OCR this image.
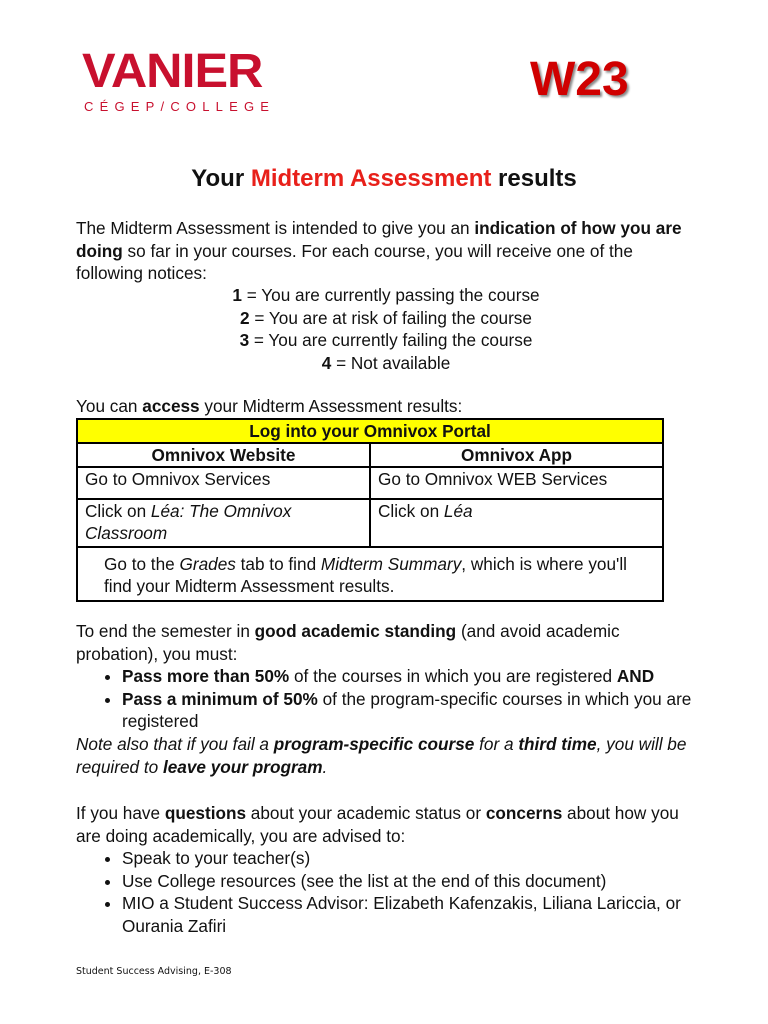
VANIER
CÉGEP/COLLEGE
W23
Your Midterm Assessment results
The Midterm Assessment is intended to give you an indication of how you are doing so far in your courses. For each course, you will receive one of the following notices:
1 = You are currently passing the course
2 = You are at risk of failing the course
3 = You are currently failing the course
4 = Not available
You can access your Midterm Assessment results:
Log into your Omnivox Portal	
Omnivox Website	Omnivox App
Go to Omnivox Services	Go to Omnivox WEB Services
Click on Léa: The Omnivox Classroom	Click on Léa
Go to the Grades tab to find Midterm Summary, which is where you'll find your Midterm Assessment results.	
To end the semester in good academic standing (and avoid academic probation), you must:
• Pass more than 50% of the courses in which you are registered AND
• Pass a minimum of 50% of the program-specific courses in which you are registered
Note also that if you fail a program-specific course for a third time, you will be required to leave your program.
If you have questions about your academic status or concerns about how you are doing academically, you are advised to:
• Speak to your teacher(s)
• Use College resources (see the list at the end of this document)
• MIO a Student Success Advisor: Elizabeth Kafenzakis, Liliana Lariccia, or Ourania Zafiri
Student Success Advising, E-308
